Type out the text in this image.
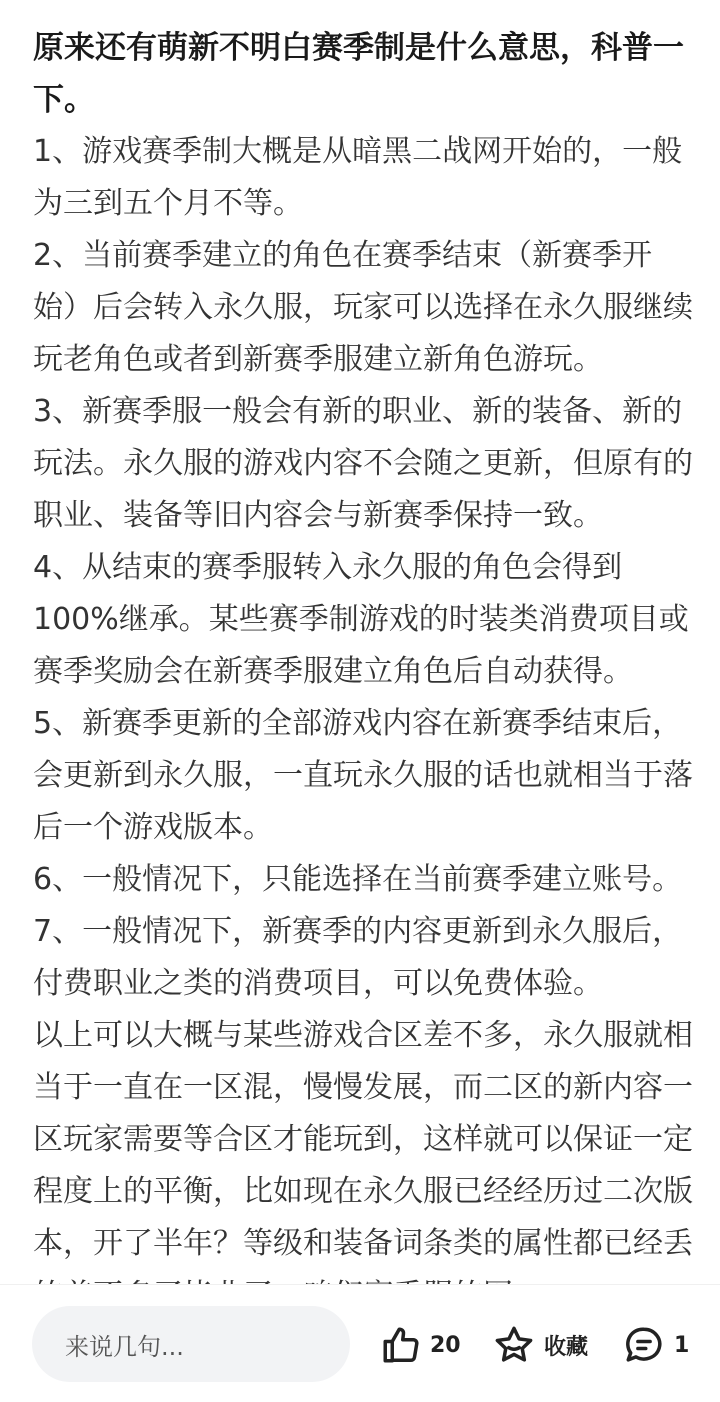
原来还有萌新不明白赛季制是什么意思，科普一下。

1、游戏赛季制大概是从暗黑二战网开始的，一般为三到五个月不等。

2、当前赛季建立的角色在赛季结束（新赛季开始）后会转入永久服，玩家可以选择在永久服继续玩老角色或者到新赛季服建立新角色游玩。

3、新赛季服一般会有新的职业、新的装备、新的玩法。永久服的游戏内容不会随之更新，但原有的职业、装备等旧内容会与新赛季保持一致。

4、从结束的赛季服转入永久服的角色会得到100%继承。某些赛季制游戏的时装类消费项目或赛季奖励会在新赛季服建立角色后自动获得。

5、新赛季更新的全部游戏内容在新赛季结束后，会更新到永久服，一直玩永久服的话也就相当于落后一个游戏版本。

6、一般情况下，只能选择在当前赛季建立账号。

7、一般情况下，新赛季的内容更新到永久服后，付费职业之类的消费项目，可以免费体验。

以上可以大概与某些游戏合区差不多，永久服就相当于一直在一区混，慢慢发展，而二区的新内容一区玩家需要等合区才能玩到，这样就可以保证一定程度上的平衡，比如现在永久服已经经历过二次版本，开了半年？等级和装备词条类的属性都已经丢

来说几句...	20	收藏	1
